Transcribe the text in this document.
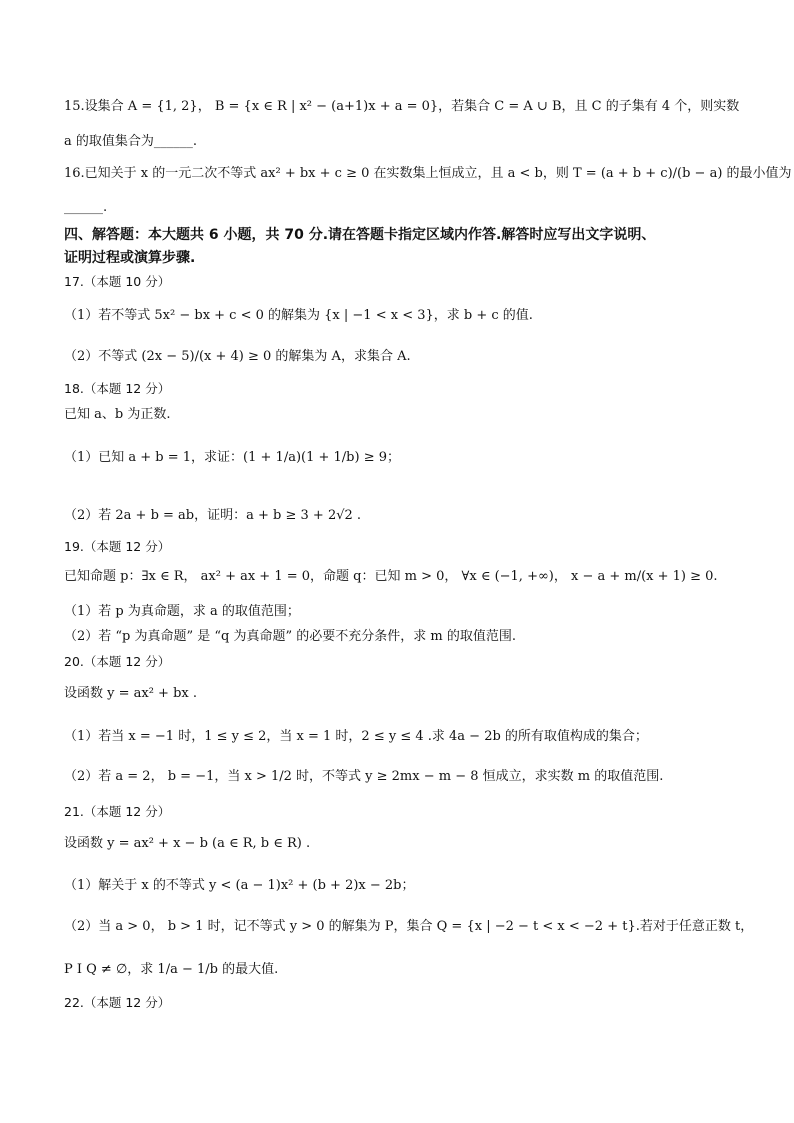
15.设集合 A = {1, 2}， B = {x ∈ R | x² − (a+1)x + a = 0}，若集合 C = A ∪ B，且 C 的子集有 4 个，则实数
a 的取值集合为______.
16.已知关于 x 的一元二次不等式 ax² + bx + c ≥ 0 在实数集上恒成立，且 a < b，则 T = (a + b + c)/(b − a) 的最小值为
______.
四、解答题：本大题共 6 小题，共 70 分.请在答题卡指定区域内作答.解答时应写出文字说明、
证明过程或演算步骤.
17.（本题 10 分）
（1）若不等式 5x² − bx + c < 0 的解集为 {x | −1 < x < 3}，求 b + c 的值.
（2）不等式 (2x − 5)/(x + 4) ≥ 0 的解集为 A，求集合 A.
18.（本题 12 分）
已知 a、b 为正数.
（1）已知 a + b = 1，求证：(1 + 1/a)(1 + 1/b) ≥ 9；
（2）若 2a + b = ab，证明：a + b ≥ 3 + 2√2 .
19.（本题 12 分）
已知命题 p：∃x ∈ R， ax² + ax + 1 = 0，命题 q：已知 m > 0， ∀x ∈ (−1, +∞)， x − a + m/(x + 1) ≥ 0.
（1）若 p 为真命题，求 a 的取值范围；
（2）若 “p 为真命题” 是 “q 为真命题” 的必要不充分条件，求 m 的取值范围.
20.（本题 12 分）
设函数 y = ax² + bx .
（1）若当 x = −1 时，1 ≤ y ≤ 2，当 x = 1 时，2 ≤ y ≤ 4 .求 4a − 2b 的所有取值构成的集合；
（2）若 a = 2， b = −1，当 x > 1/2 时，不等式 y ≥ 2mx − m − 8 恒成立，求实数 m 的取值范围.
21.（本题 12 分）
设函数 y = ax² + x − b (a ∈ R, b ∈ R) .
（1）解关于 x 的不等式 y < (a − 1)x² + (b + 2)x − 2b；
（2）当 a > 0， b > 1 时，记不等式 y > 0 的解集为 P，集合 Q = {x | −2 − t < x < −2 + t}.若对于任意正数 t，
P I Q ≠ ∅，求 1/a − 1/b 的最大值.
22.（本题 12 分）
